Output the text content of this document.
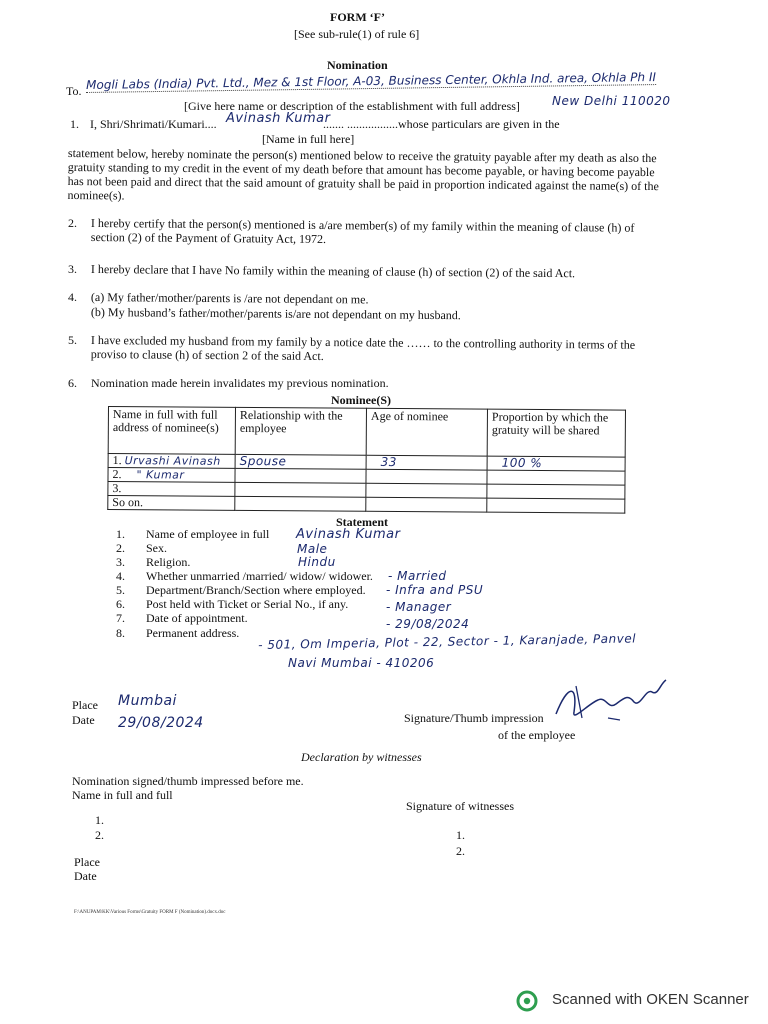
FORM ‘F’
[See sub-rule(1) of rule 6]
Nomination
To. Mogli Labs (India) Pvt. Ltd., Mez & 1st Floor, A-03, Business Center, Okhla Ind. area, Okhla Ph II
New Delhi 110020
[Give here name or description of the establishment with full address]
1. I, Shri/Shrimati/Kumari.... Avinash Kumar
....... .................whose particulars are given in the
[Name in full here]
statement below, hereby nominate the person(s) mentioned below to receive the gratuity payable after my death as also the gratuity standing to my credit in the event of my death before that amount has become payable, or having become payable has not been paid and direct that the said amount of gratuity shall be paid in proportion indicated against the name(s) of the nominee(s).
2. I hereby certify that the person(s) mentioned is a/are member(s) of my family within the meaning of clause (h) of section (2) of the Payment of Gratuity Act, 1972.
3. I hereby declare that I have No family within the meaning of clause (h) of section (2) of the said Act.
4. (a) My father/mother/parents is /are not dependant on me.
(b) My husband’s father/mother/parents is/are not dependant on my husband.
5. I have excluded my husband from my family by a notice date the …… to the controlling authority in terms of the proviso to clause (h) of section 2 of the said Act.
6. Nomination made herein invalidates my previous nomination.
Nominee(S)
Name in full with full address of nominee(s)	Relationship with the employee	Age of nominee	Proportion by which the gratuity will be shared
1. Urvashi Avinash	Spouse	33	100 %
2. " Kumar			
3.			
So on.			
Statement
1. Name of employee in full Avinash Kumar
2. Sex.	Male
3. Religion.	Hindu
4. Whether unmarried /married/ widow/ widower. - Married
5. Department/Branch/Section where employed. - Infra and PSU
6. Post held with Ticket or Serial No., if any.	- Manager
7. Date of appointment.	- 29/08/2024
8. Permanent address. - 501, Om Imperia, Plot - 22, Sector - 1, Karanjade, Panvel
Navi Mumbai - 410206
Place Mumbai
Date 29/08/2024	Signature/Thumb impression
of the employee
Declaration by witnesses
Nomination signed/thumb impressed before me.
Name in full and full
Signature of witnesses
1.
2.	1.
2.
Place
Date
F:\ANUPAM\KK\Various Forms\Gratuity FORM F (Nomination).docx.doc
Scanned with OKEN Scanner
